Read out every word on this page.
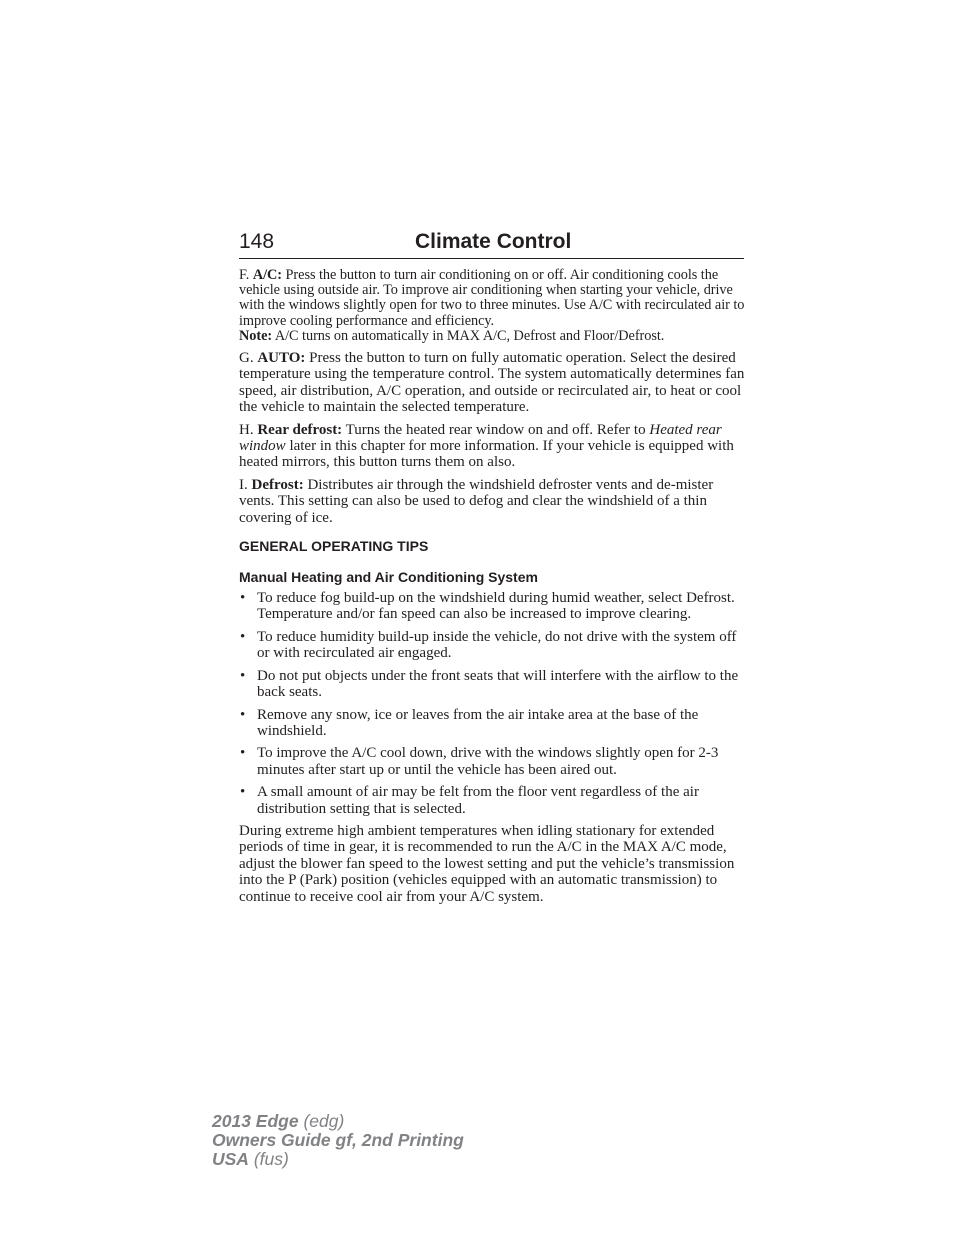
148	Climate Control

F. A/C: Press the button to turn air conditioning on or off. Air conditioning cools the vehicle using outside air. To improve air conditioning when starting your vehicle, drive with the windows slightly open for two to three minutes. Use A/C with recirculated air to improve cooling performance and efficiency.
Note: A/C turns on automatically in MAX A/C, Defrost and Floor/Defrost.

G. AUTO: Press the button to turn on fully automatic operation. Select the desired temperature using the temperature control. The system automatically determines fan speed, air distribution, A/C operation, and outside or recirculated air, to heat or cool the vehicle to maintain the selected temperature.

H. Rear defrost: Turns the heated rear window on and off. Refer to Heated rear window later in this chapter for more information. If your vehicle is equipped with heated mirrors, this button turns them on also.

I. Defrost: Distributes air through the windshield defroster vents and de-mister vents. This setting can also be used to defog and clear the windshield of a thin covering of ice.

GENERAL OPERATING TIPS
Manual Heating and Air Conditioning System
• To reduce fog build-up on the windshield during humid weather, select Defrost. Temperature and/or fan speed can also be increased to improve clearing.
• To reduce humidity build-up inside the vehicle, do not drive with the system off or with recirculated air engaged.
• Do not put objects under the front seats that will interfere with the airflow to the back seats.
• Remove any snow, ice or leaves from the air intake area at the base of the windshield.
• To improve the A/C cool down, drive with the windows slightly open for 2-3 minutes after start up or until the vehicle has been aired out.
• A small amount of air may be felt from the floor vent regardless of the air distribution setting that is selected.

During extreme high ambient temperatures when idling stationary for extended periods of time in gear, it is recommended to run the A/C in the MAX A/C mode, adjust the blower fan speed to the lowest setting and put the vehicle’s transmission into the P (Park) position (vehicles equipped with an automatic transmission) to continue to receive cool air from your A/C system.

2013 Edge (edg)
Owners Guide gf, 2nd Printing
USA (fus)
